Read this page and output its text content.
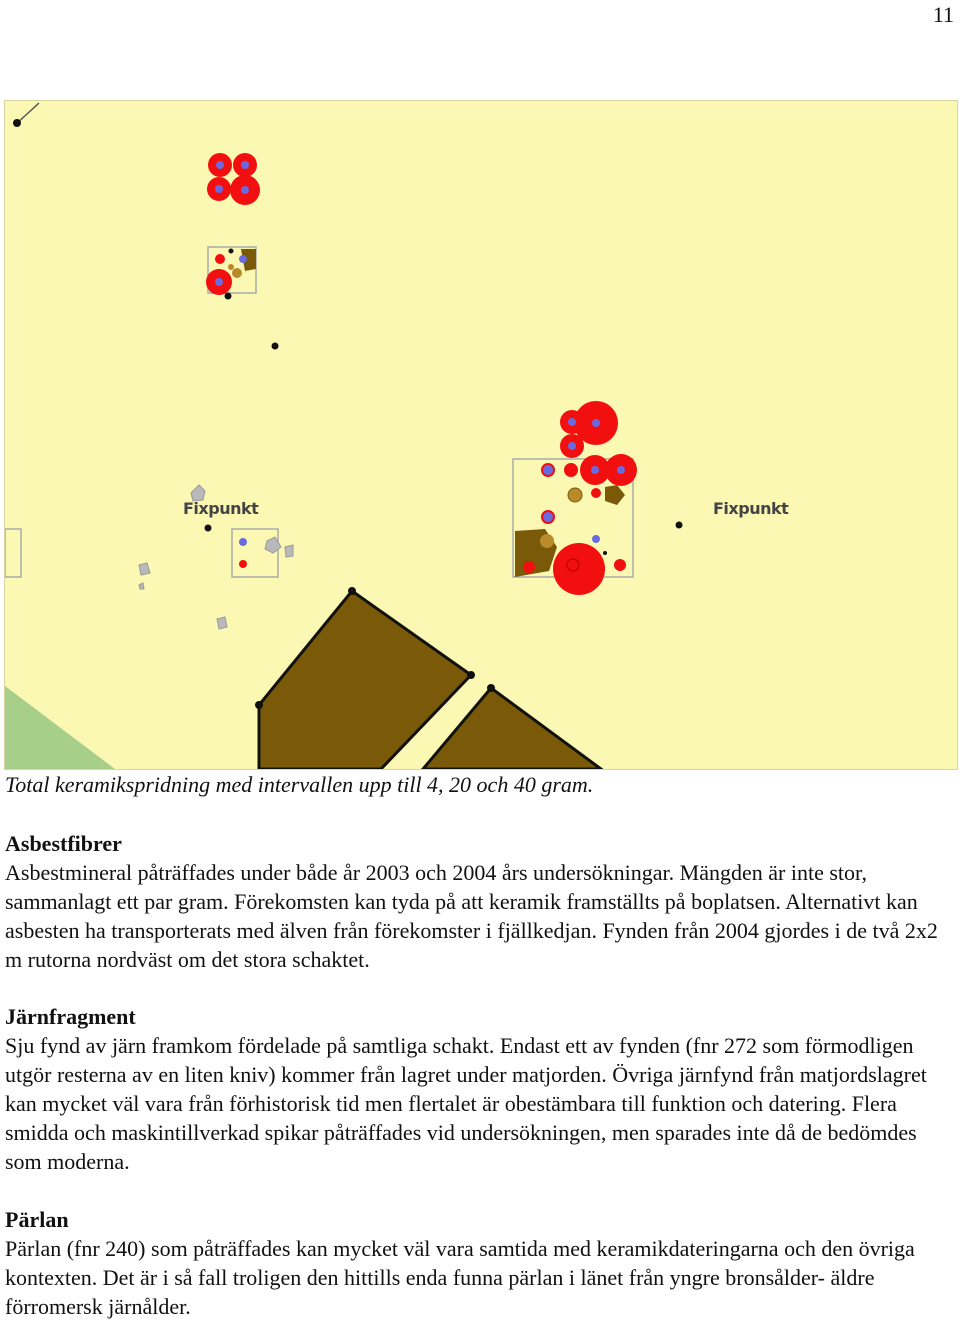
11
Fixpunkt	Fixpunkt
Total keramikspridning med intervallen upp till 4, 20 och 40 gram.
Asbestfibrer

Asbestmineral påträffades under både år 2003 och 2004 års undersökningar. Mängden är inte stor, sammanlagt ett par gram. Förekomsten kan tyda på att keramik framställts på boplatsen. Alternativt kan asbesten ha transporterats med älven från förekomster i fjällkedjan. Fynden från 2004 gjordes i de två 2x2 m rutorna nordväst om det stora schaktet.

Järnfragment

Sju fynd av järn framkom fördelade på samtliga schakt. Endast ett av fynden (fnr 272 som förmodligen utgör resterna av en liten kniv) kommer från lagret under matjorden. Övriga järnfynd från matjordslagret kan mycket väl vara från förhistorisk tid men flertalet är obestämbara till funktion och datering. Flera smidda och maskintillverkad spikar påträffades vid undersökningen, men sparades inte då de bedömdes som moderna.

Pärlan

Pärlan (fnr 240) som påträffades kan mycket väl vara samtida med keramikdateringarna och den övriga kontexten. Det är i så fall troligen den hittills enda funna pärlan i länet från yngre bronsålder- äldre förromersk järnålder.
